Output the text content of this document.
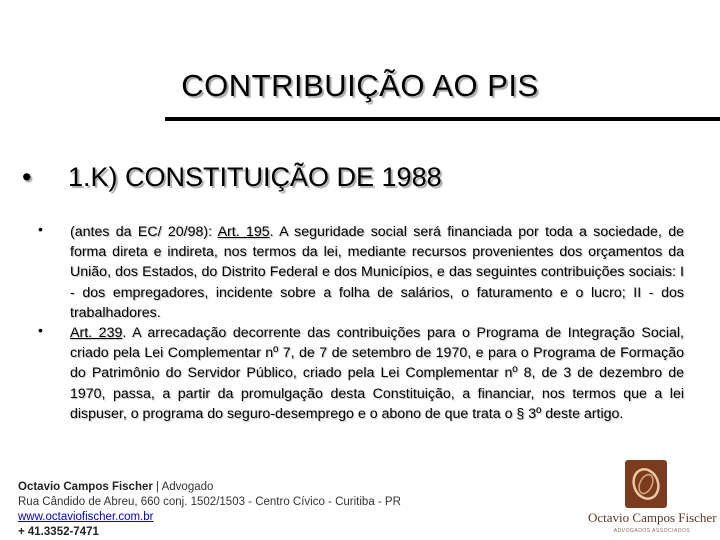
CONTRIBUIÇÃO AO PIS
• 1.K) CONSTITUIÇÃO DE 1988
• (antes da EC/ 20/98): Art. 195. A seguridade social será financiada por toda a sociedade, de forma direta e indireta, nos termos da lei, mediante recursos provenientes dos orçamentos da União, dos Estados, do Distrito Federal e dos Municípios, e das seguintes contribuições sociais: I - dos empregadores, incidente sobre a folha de salários, o faturamento e o lucro; II - dos trabalhadores.
• Art. 239. A arrecadação decorrente das contribuições para o Programa de Integração Social, criado pela Lei Complementar nº 7, de 7 de setembro de 1970, e para o Programa de Formação do Patrimônio do Servidor Público, criado pela Lei Complementar nº 8, de 3 de dezembro de 1970, passa, a partir da promulgação desta Constituição, a financiar, nos termos que a lei dispuser, o programa do seguro-desemprego e o abono de que trata o § 3º deste artigo.
Octavio Campos Fischer | Advogado
Rua Cândido de Abreu, 660 conj. 1502/1503 - Centro Cívico - Curitiba - PR
www.octaviofischer.com.br
+ 41.3352-7471
Octavio Campos Fischer
ADVOGADOS ASSOCIADOS
